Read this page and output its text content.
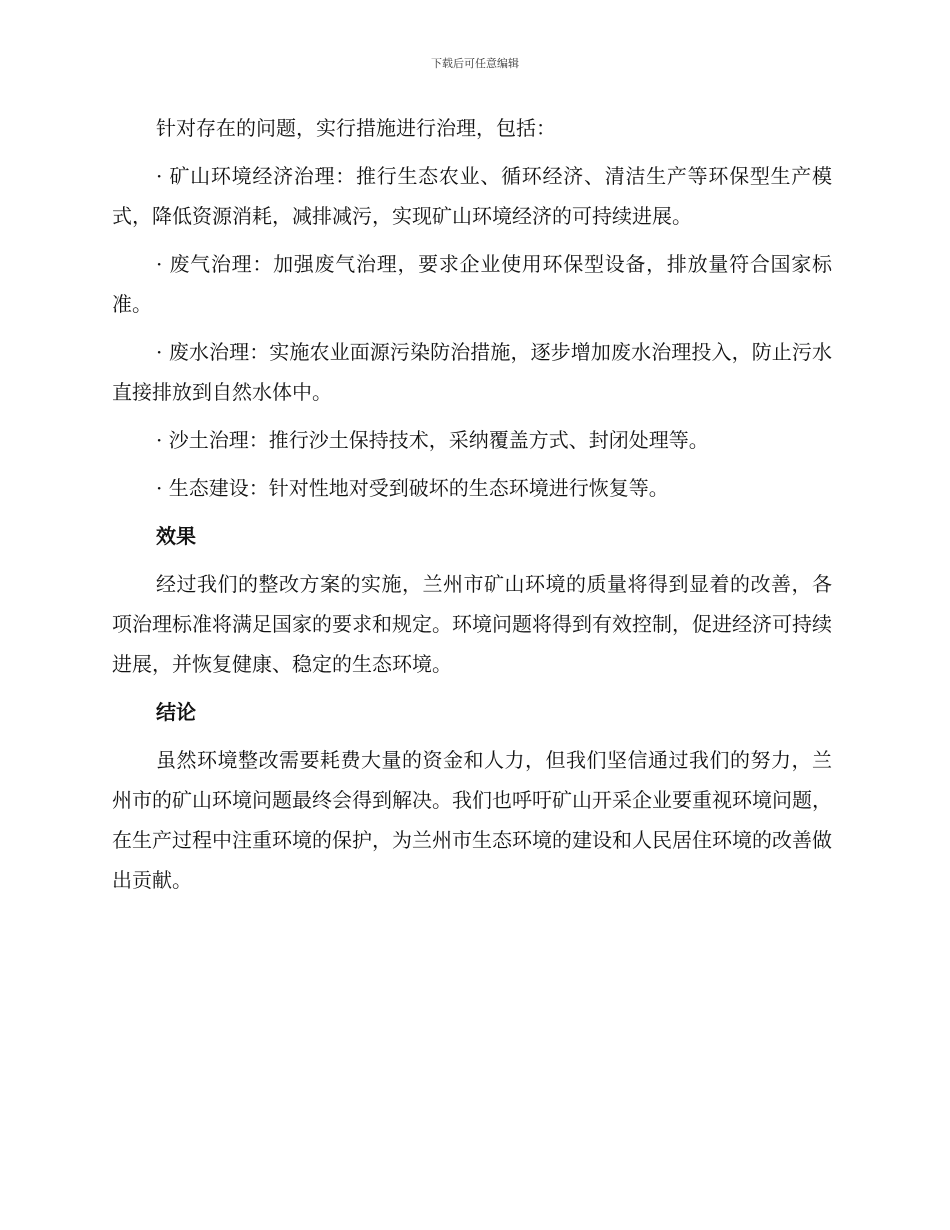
下载后可任意编辑

针对存在的问题，实行措施进行治理，包括：

· 矿山环境经济治理：推行生态农业、循环经济、清洁生产等环保型生产模式，降低资源消耗，减排减污，实现矿山环境经济的可持续进展。

· 废气治理：加强废气治理，要求企业使用环保型设备，排放量符合国家标准。

· 废水治理：实施农业面源污染防治措施，逐步增加废水治理投入，防止污水直接排放到自然水体中。

· 沙土治理：推行沙土保持技术，采纳覆盖方式、封闭处理等。

· 生态建设：针对性地对受到破坏的生态环境进行恢复等。

效果

经过我们的整改方案的实施，兰州市矿山环境的质量将得到显着的改善，各项治理标准将满足国家的要求和规定。环境问题将得到有效控制，促进经济可持续进展，并恢复健康、稳定的生态环境。

结论

虽然环境整改需要耗费大量的资金和人力，但我们坚信通过我们的努力，兰州市的矿山环境问题最终会得到解决。我们也呼吁矿山开采企业要重视环境问题，在生产过程中注重环境的保护，为兰州市生态环境的建设和人民居住环境的改善做出贡献。
